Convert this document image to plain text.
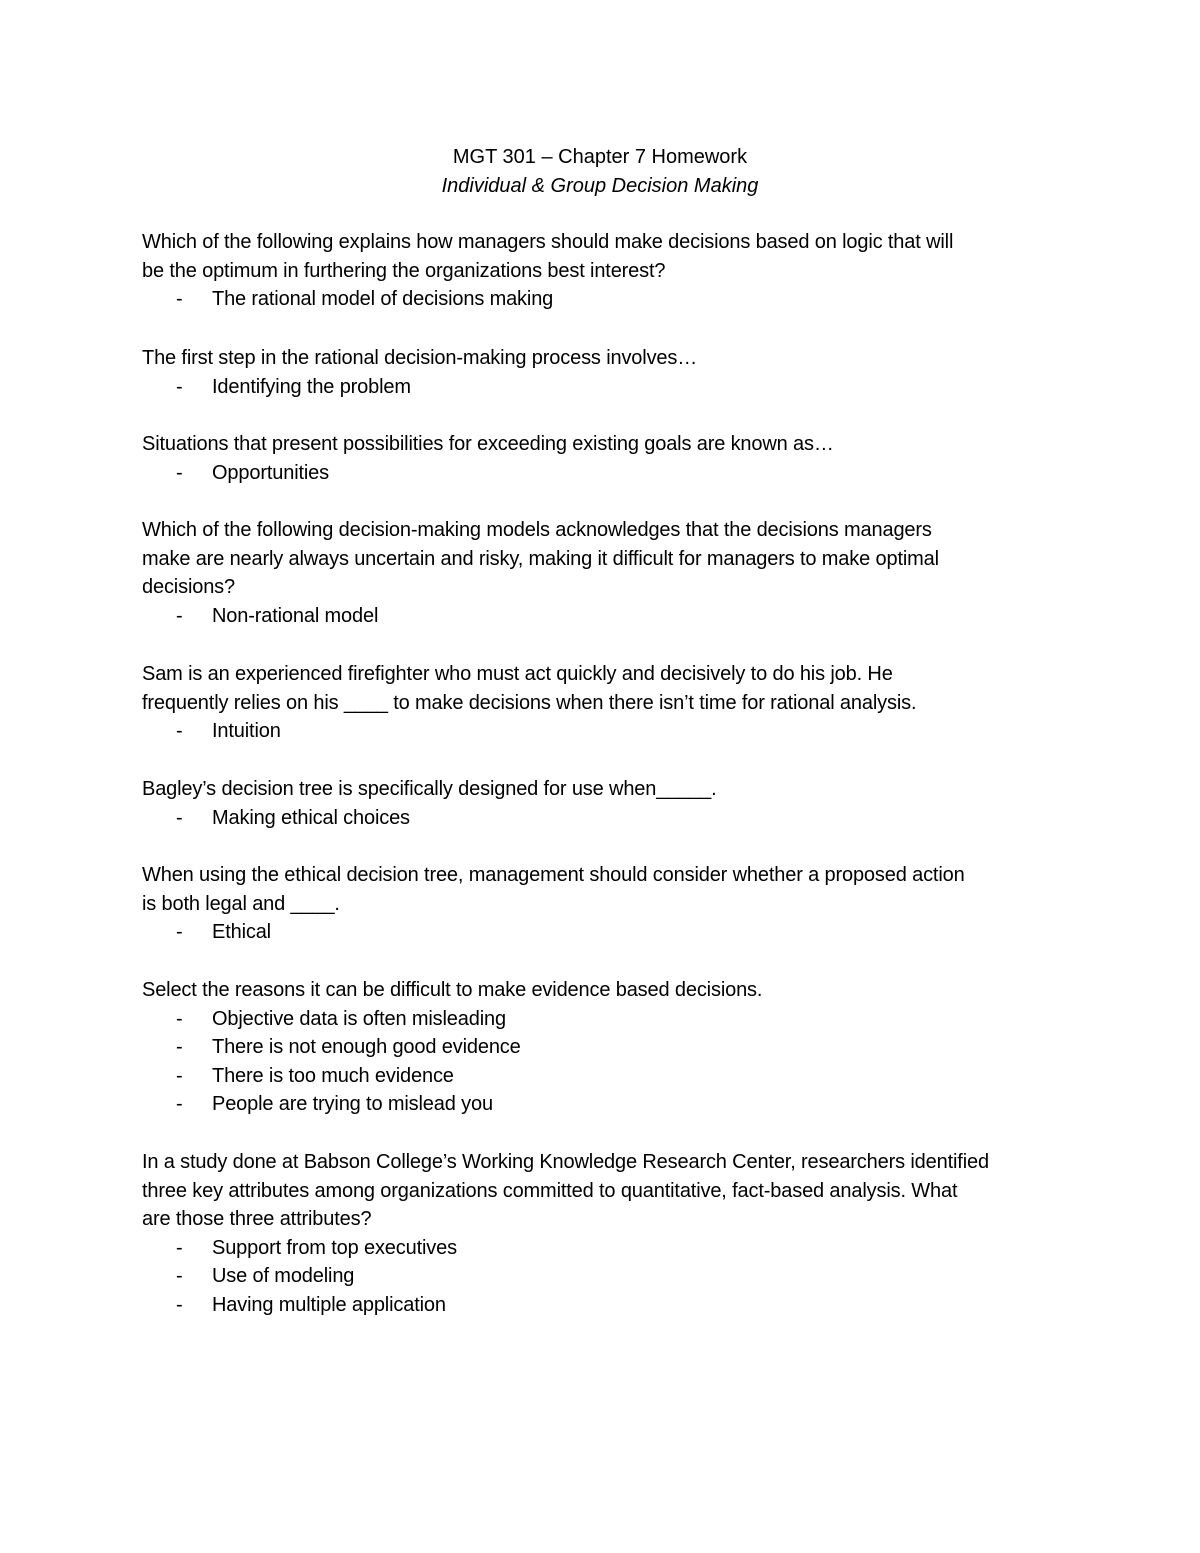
MGT 301 – Chapter 7 Homework
Individual & Group Decision Making
Which of the following explains how managers should make decisions based on logic that will
be the optimum in furthering the organizations best interest?
- The rational model of decisions making
The first step in the rational decision-making process involves…
- Identifying the problem
Situations that present possibilities for exceeding existing goals are known as…
- Opportunities
Which of the following decision-making models acknowledges that the decisions managers
make are nearly always uncertain and risky, making it difficult for managers to make optimal
decisions?
- Non-rational model
Sam is an experienced firefighter who must act quickly and decisively to do his job. He
frequently relies on his ____ to make decisions when there isn’t time for rational analysis.
- Intuition
Bagley’s decision tree is specifically designed for use when_____.
- Making ethical choices
When using the ethical decision tree, management should consider whether a proposed action
is both legal and ____.
- Ethical
Select the reasons it can be difficult to make evidence based decisions.
- Objective data is often misleading
- There is not enough good evidence
- There is too much evidence
- People are trying to mislead you
In a study done at Babson College’s Working Knowledge Research Center, researchers identified
three key attributes among organizations committed to quantitative, fact-based analysis. What
are those three attributes?
- Support from top executives
- Use of modeling
- Having multiple application
